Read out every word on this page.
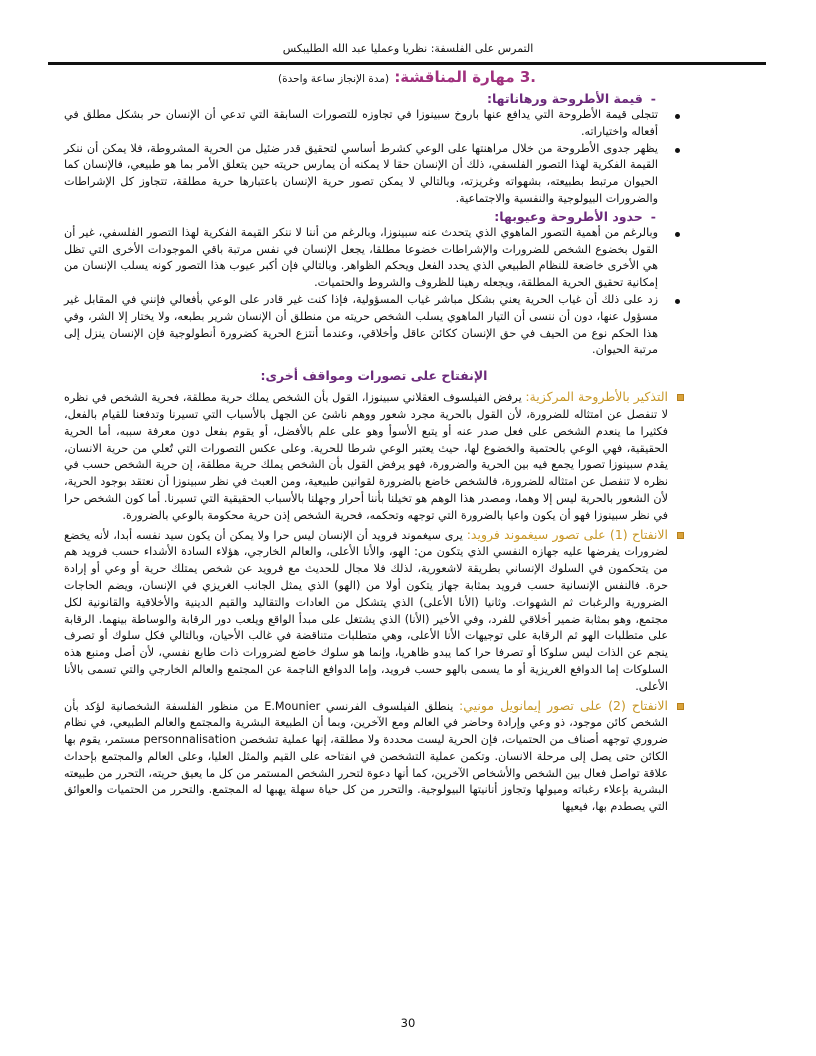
التمرس على الفلسفة: نظريا وعمليا عبد الله الطليبكس
.3 مهارة المناقشة: (مدة الإنجاز ساعة واحدة)
-قيمة الأطروحة ورهاناتها:
تتجلى قيمة الأطروحة التي يدافع عنها باروخ سبينوزا في تجاوزه للتصورات السابقة التي تدعي أن الإنسان حر بشكل مطلق في أفعاله واختياراته.
يظهر جدوى الأطروحة من خلال مراهنتها على الوعي كشرط أساسي لتحقيق قدر ضئيل من الحرية المشروطة، فلا يمكن أن ننكر القيمة الفكرية لهذا التصور الفلسفي، ذلك أن الإنسان حقا لا يمكنه أن يمارس حريته حين يتعلق الأمر بما هو طبيعي، فالإنسان كما الحيوان مرتبط بطبيعته، بشهواته وغريزته، وبالتالي لا يمكن تصور حرية الإنسان باعتبارها حرية مطلقة، تتجاوز كل الإشراطات والضرورات البيولوجية والنفسية والاجتماعية.
-حدود الأطروحة وعيوبها:
وبالرغم من أهمية التصور الماهوي الذي يتحدث عنه سبينوزا، وبالرغم من أننا لا ننكر القيمة الفكرية لهذا التصور الفلسفي، غير أن القول بخضوع الشخص للضرورات والإشراطات خضوعا مطلقا، يجعل الإنسان في نفس مرتبة باقي الموجودات الأخرى التي تظل هي الأخرى خاضعة للنظام الطبيعي الذي يحدد الفعل ويحكم الظواهر. وبالتالي فإن أكبر عيوب هذا التصور كونه يسلب الإنسان من إمكانية تحقيق الحرية المطلقة، ويجعله رهينا للظروف والشروط والحتميات.
زد على ذلك أن غياب الحرية يعني بشكل مباشر غياب المسؤولية، فإذا كنت غير قادر على الوعي بأفعالي فإنني في المقابل غير مسؤول عنها، دون أن ننسى أن التيار الماهوي يسلب الشخص حريته من منطلق أن الإنسان شرير بطبعه، ولا يختار إلا الشر، وفي هذا الحكم نوع من الحيف في حق الإنسان ككائن عاقل وأخلاقي، وعندما أنتزع الحرية كضرورة أنطولوجية فإن الإنسان ينزل إلى مرتبة الحيوان.
الإنفتاح على تصورات ومواقف أخرى:
التذكير بالأطروحة المركزية: يرفض الفيلسوف العقلاني سبينوزا، القول بأن الشخص يملك حرية مطلقة، فحرية الشخص في نظره لا تنفصل عن امتثاله للضرورة، لأن القول بالحرية مجرد شعور ووهم ناشئ عن الجهل بالأسباب التي تسيرنا وتدفعنا للقيام بالفعل، فكثيرا ما ينعدم الشخص على فعل صدر عنه أو يتبع الأسوأ وهو على علم بالأفضل، أو يقوم بفعل دون معرفة سببه، أما الحرية الحقيقية، فهي الوعي بالحتمية والخضوع لها، حيث يعتبر الوعي شرطا للحرية. وعلى عكس التصورات التي تُعلي من حرية الانسان، يقدم سبينوزا تصورا يجمع فيه بين الحرية والضرورة، فهو يرفض القول بأن الشخص يملك حرية مطلقة، إن حرية الشخص حسب في نظره لا تنفصل عن امتثاله للضرورة، فالشخص خاضع بالضرورة لقوانين طبيعية، ومن العبث في نظر سبينوزا أن نعتقد بوجود الحرية، لأن الشعور بالحرية ليس إلا وهما، ومصدر هذا الوهم هو تخيلنا بأننا أحرار وجهلنا بالأسباب الحقيقية التي تسيرنا. أما كون الشخص حرا في نظر سبينوزا فهو أن يكون واعيا بالضرورة التي توجهه وتحكمه، فحرية الشخص إذن حرية محكومة بالوعي بالضرورة.
الانفتاح (1) على تصور سيغموند فرويد: يرى سيغموند فرويد أن الإنسان ليس حرا ولا يمكن أن يكون سيد نفسه أبدا، لأنه يخضع لضرورات يفرضها عليه جهازه النفسي الذي يتكون من: الهو، والأنا الأعلى، والعالم الخارجي، هؤلاء السادة الأشداء حسب فرويد هم من يتحكمون في السلوك الإنساني بطريقة لاشعورية، لذلك فلا مجال للحديث مع فرويد عن شخص يمتلك حرية أو وعي أو إرادة حرة. فالنفس الإنسانية حسب فرويد بمثابة جهاز يتكون أولا من (الهو) الذي يمثل الجانب الغريزي في الإنسان، ويضم الحاجات الضرورية والرغبات ثم الشهوات. وثانيا (الأنا الأعلى) الذي يتشكل من العادات والتقاليد والقيم الدينية والأخلاقية والقانونية لكل مجتمع، وهو بمثابة ضمير أخلاقي للفرد، وفي الأخير (الأنا) الذي يشتغل على مبدأ الواقع ويلعب دور الرقابة والوساطة بينهما. الرقابة على متطلبات الهو ثم الرقابة على توجيهات الأنا الأعلى، وهي متطلبات متناقضة في غالب الأحيان، وبالتالي فكل سلوك أو تصرف ينجم عن الذات ليس سلوكا أو تصرفا حرا كما يبدو ظاهريا، وإنما هو سلوك خاضع لضرورات ذات طابع نفسي، لأن أصل ومنبع هذه السلوكات إما الدوافع الغريزية أو ما يسمى بالهو حسب فرويد، وإما الدوافع الناجمة عن المجتمع والعالم الخارجي والتي تسمى بالأنا الأعلى.
الانفتاح (2) على تصور إيمانويل مونيي: ينطلق الفيلسوف الفرنسي E.Mounier من منظور الفلسفة الشخصانية لؤكد بأن الشخص كائن موجود، ذو وعي وإرادة وحاضر في العالم ومع الآخرين، وبما أن الطبيعة البشرية والمجتمع والعالم الطبيعي، في نظام ضروري توجهه أصناف من الحتميات، فإن الحرية ليست محددة ولا مطلقة، إنها عملية تشخصن personnalisation مستمر، يقوم بها الكائن حتى يصل إلى مرحلة الانسان. وتكمن عملية التشخصن في انفتاحه على القيم والمثل العليا، وعلى العالم والمجتمع بإحداث علاقة تواصل فعال بين الشخص والأشخاص الآخرين، كما أنها دعوة لتحرر الشخص المستمر من كل ما يعيق حريته، التحرر من طبيعته البشرية بإعلاء رغباته وميولها وتجاوز أنانيتها البيولوجية. والتحرر من كل حياة سهلة يهبها له المجتمع. والتحرر من الحتميات والعوائق التي يصطدم بها، فيعيها
30
